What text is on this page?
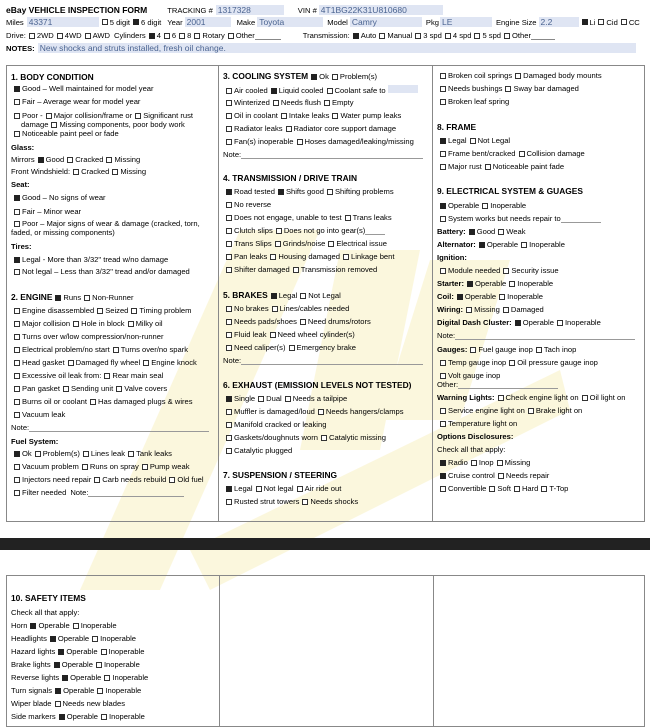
eBay VEHICLE INSPECTION FORM	TRACKING # 1317328	VIN # 4T1BG22K31U810680
Miles 43371	5 digit 6 digit Year 2001	Make Toyota	Model Camry	Pkg LE	Engine Size 2.2	Li Cid CC
Drive: 2WD 4WD AWD Cylinders 4 6 8 Rotary Other	Transmission: Auto Manual 3 spd 4 spd 5 spd Other
NOTES: New shocks and struts installed, fresh oil change.
1. BODY CONDITION
Good – Well maintained for model year
Fair – Average wear for model year
Poor - Major collision/frame or Significant rust
damage Missing components, poor body work
Noticeable paint peel or fade
Glass:
Mirrors Good Cracked Missing
Front Windshield: Cracked Missing
Seat:
Good – No signs of wear
Fair – Minor wear
Poor – Major signs of wear & damage (cracked, torn, faded, or missing components)
Tires:
Legal - More than 3/32" tread w/no damage
Not legal – Less than 3/32" tread and/or damaged
2. ENGINE Runs Non-Runner
Engine disassembled Seized Timing problem
Major collision Hole in block Milky oil
Turns over w/low compression/non-runner
Electrical problem/no start Turns over/no spark
Head gasket Damaged fly wheel Engine knock
Excessive oil leak from: Rear main seal
Pan gasket Sending unit Valve covers
Burns oil or coolant Has damaged plugs & wires
Vacuum leak
Note:
Fuel System:
Ok Problem(s) Lines leak Tank leaks
Vacuum problem Runs on spray Pump weak
Injectors need repair Carb needs rebuild Old fuel
Filter needed Note:
3. COOLING SYSTEM Ok Problem(s)
Air cooled Liquid cooled Coolant safe to
Winterized Needs flush Empty
Oil in coolant Intake leaks Water pump leaks
Radiator leaks Radiator core support damage
Fan(s) inoperable Hoses damaged/leaking/missing
Note:
4. TRANSMISSION / DRIVE TRAIN
Road tested Shifts good Shifting problems
No reverse
Does not engage, unable to test Trans leaks
Clutch slips Does not go into gear(s)
Trans Slips Grinds/noise Electrical issue
Pan leaks Housing damaged Linkage bent
Shifter damaged Transmission removed
5. BRAKES Legal Not Legal
No brakes Lines/cables needed
Needs pads/shoes Need drums/rotors
Fluid leak Need wheel cylinder(s)
Need caliper(s) Emergency brake
Note:
6. EXHAUST (EMISSION LEVELS NOT TESTED)
Single Dual Needs a tailpipe
Muffler is damaged/loud Needs hangers/clamps
Manifold cracked or leaking
Gaskets/doughnuts worn Catalytic missing
Catalytic plugged
7. SUSPENSION / STEERING
Legal Not legal Air ride out
Rusted strut towers Needs shocks
Broken coil springs Damaged body mounts
Needs bushings Sway bar damaged
Broken leaf spring
8. FRAME
Legal Not Legal
Frame bent/cracked Collision damage
Major rust Noticeable paint fade
9. ELECTRICAL SYSTEM & GUAGES
Operable Inoperable
System works but needs repair to
Battery: Good Weak
Alternator: Operable Inoperable
Ignition:
Module needed Security issue
Starter: Operable Inoperable
Coil: Operable Inoperable
Wiring: Missing Damaged
Digital Dash Cluster: Operable Inoperable
Note:
Gauges: Fuel gauge inop Tach inop
Temp gauge inop Oil pressure gauge inop
Volt gauge inop
Other:
Warning Lights: Check engine light on Oil light on
Service engine light on Brake light on
Temperature light on
Options Disclosures:
Check all that apply:
Radio Inop Missing
Cruise control Needs repair
Convertible Soft Hard T-Top
10. SAFETY ITEMS
Check all that apply:
Horn Operable Inoperable
Headlights Operable Inoperable
Hazard lights Operable Inoperable
Brake lights Operable Inoperable
Reverse lights Operable Inoperable
Turn signals Operable Inoperable
Wiper blade Needs new blades
Side markers Operable Inoperable
